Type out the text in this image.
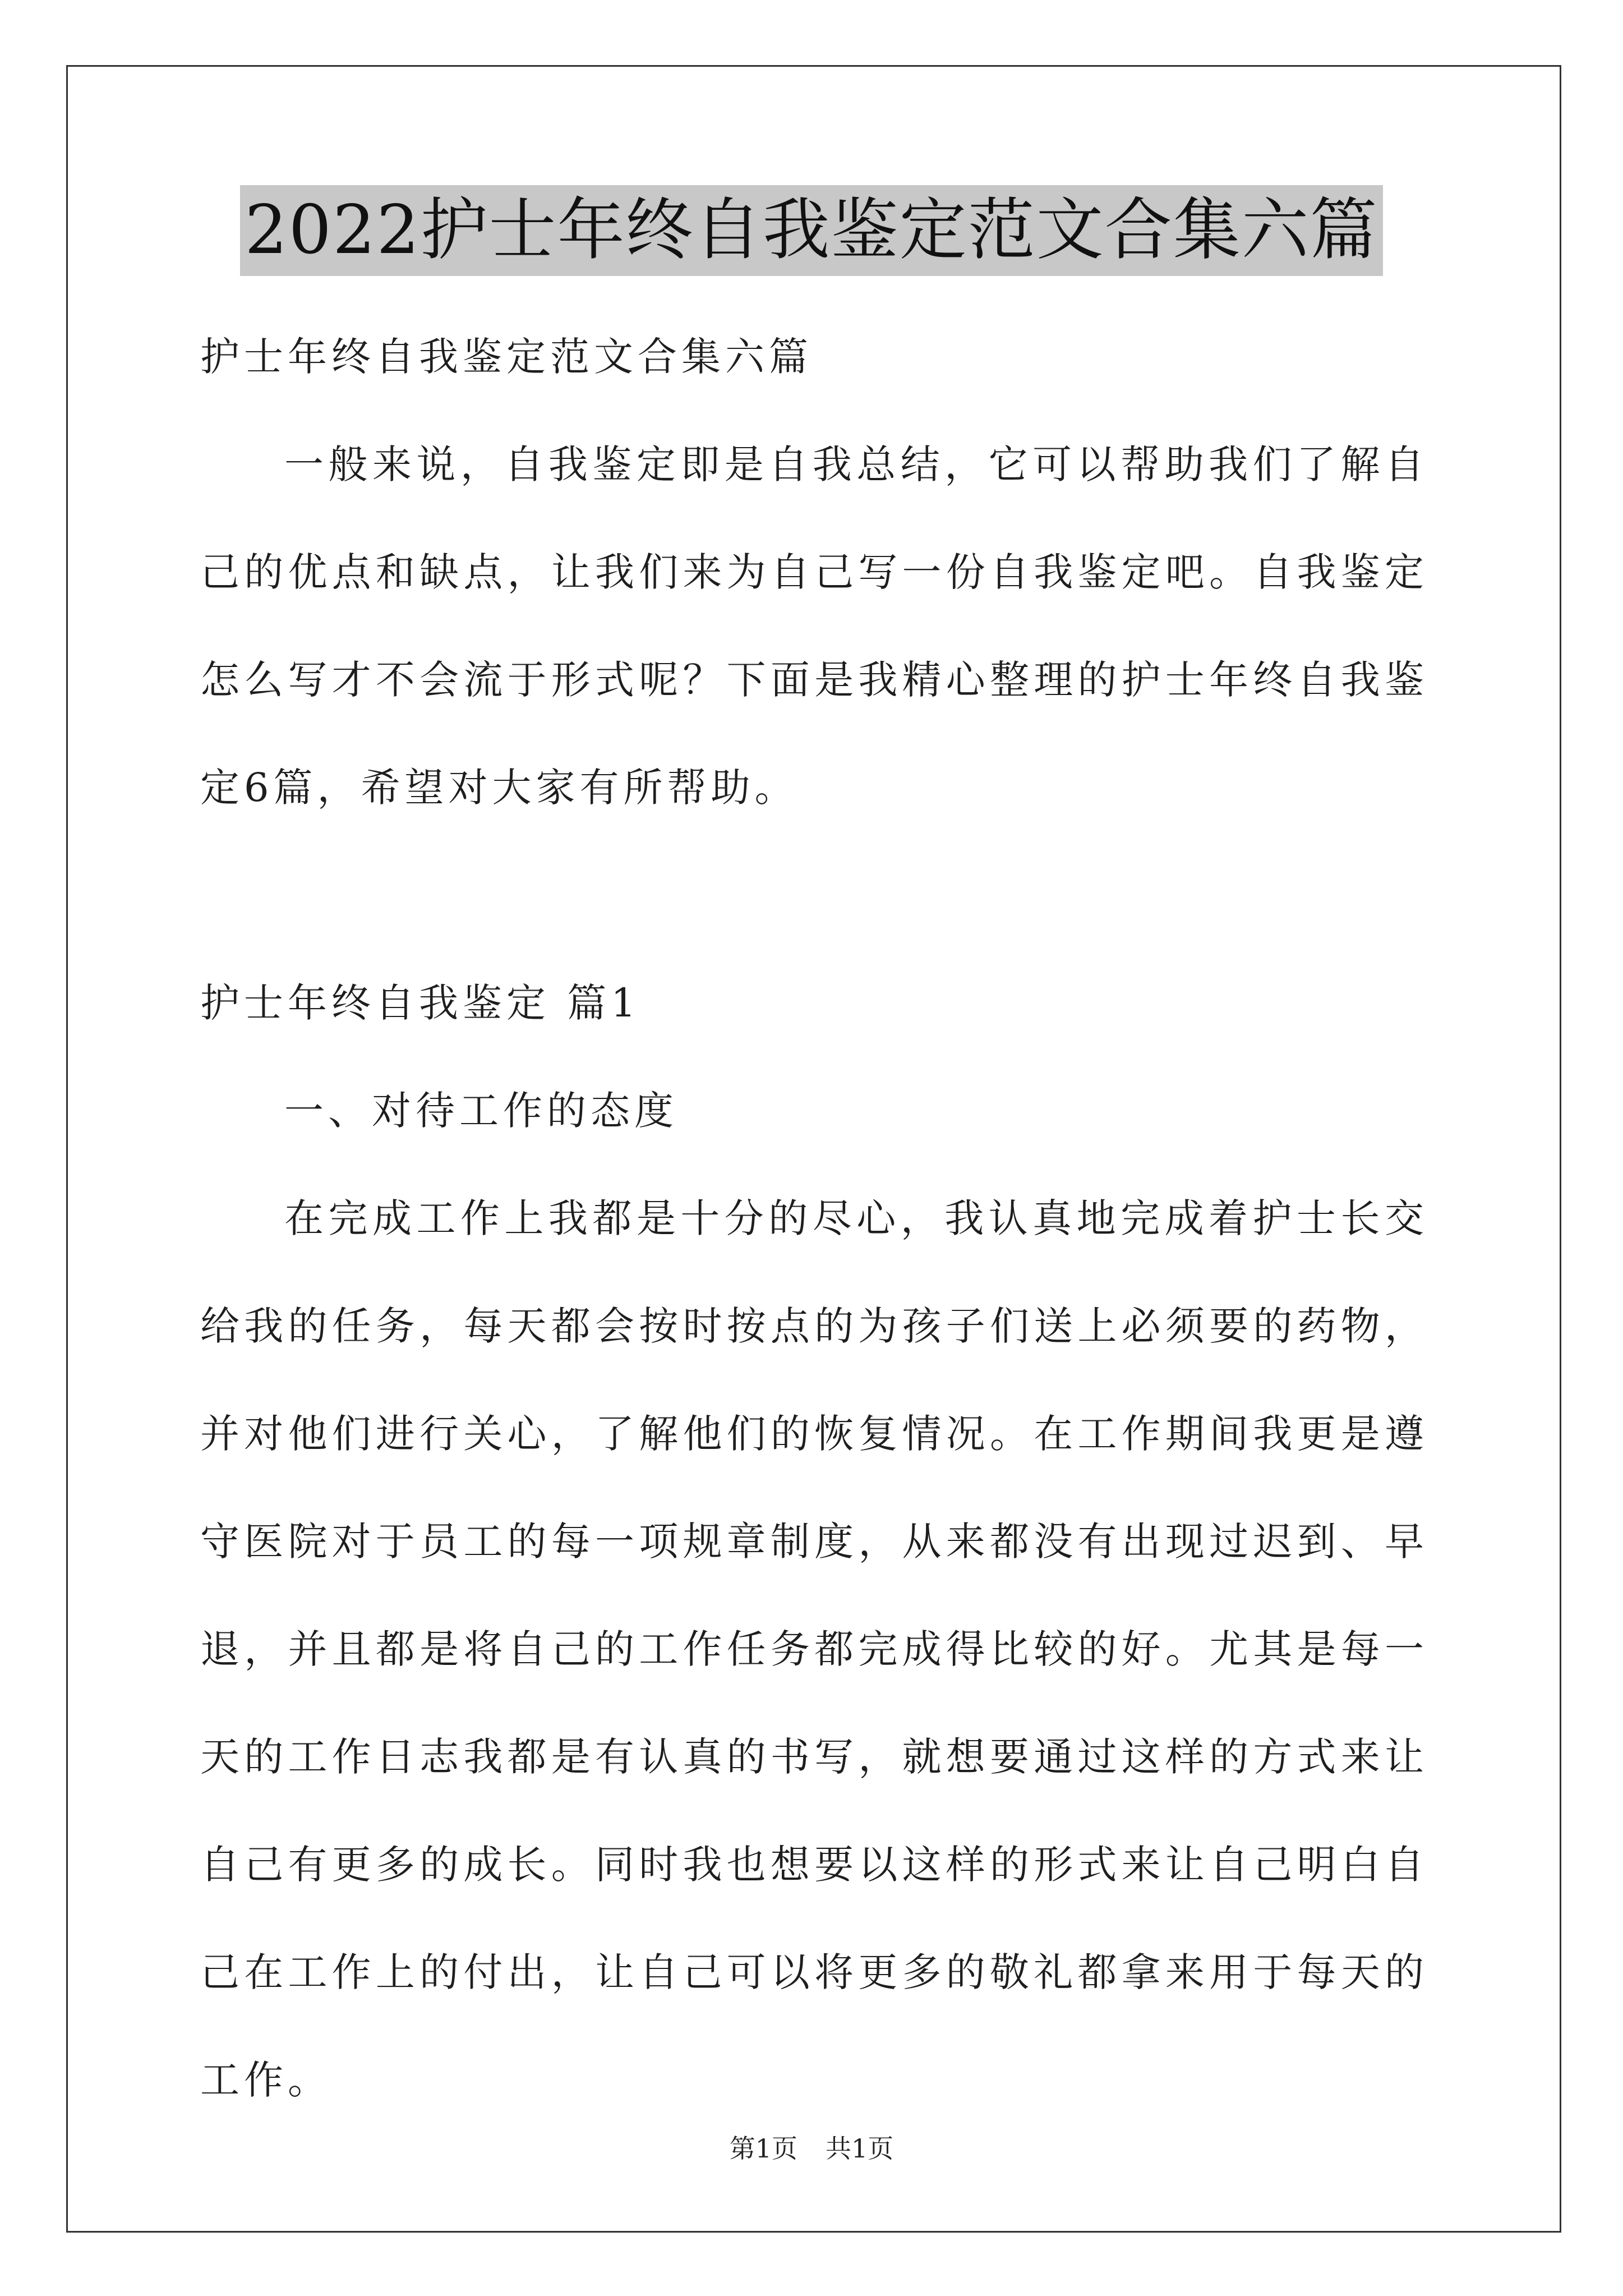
2022护士年终自我鉴定范文合集六篇

护士年终自我鉴定范文合集六篇

一般来说，自我鉴定即是自我总结，它可以帮助我们了解自己的优点和缺点，让我们来为自己写一份自我鉴定吧。自我鉴定怎么写才不会流于形式呢？下面是我精心整理的护士年终自我鉴定6篇，希望对大家有所帮助。

护士年终自我鉴定 篇1

一、对待工作的态度

在完成工作上我都是十分的尽心，我认真地完成着护士长交给我的任务，每天都会按时按点的为孩子们送上必须要的药物，并对他们进行关心，了解他们的恢复情况。在工作期间我更是遵守医院对于员工的每一项规章制度，从来都没有出现过迟到、早退，并且都是将自己的工作任务都完成得比较的好。尤其是每一天的工作日志我都是有认真的书写，就想要通过这样的方式来让自己有更多的成长。同时我也想要以这样的形式来让自己明白自己在工作上的付出，让自己可以将更多的敬礼都拿来用于每天的工作。

第1页 共1页
